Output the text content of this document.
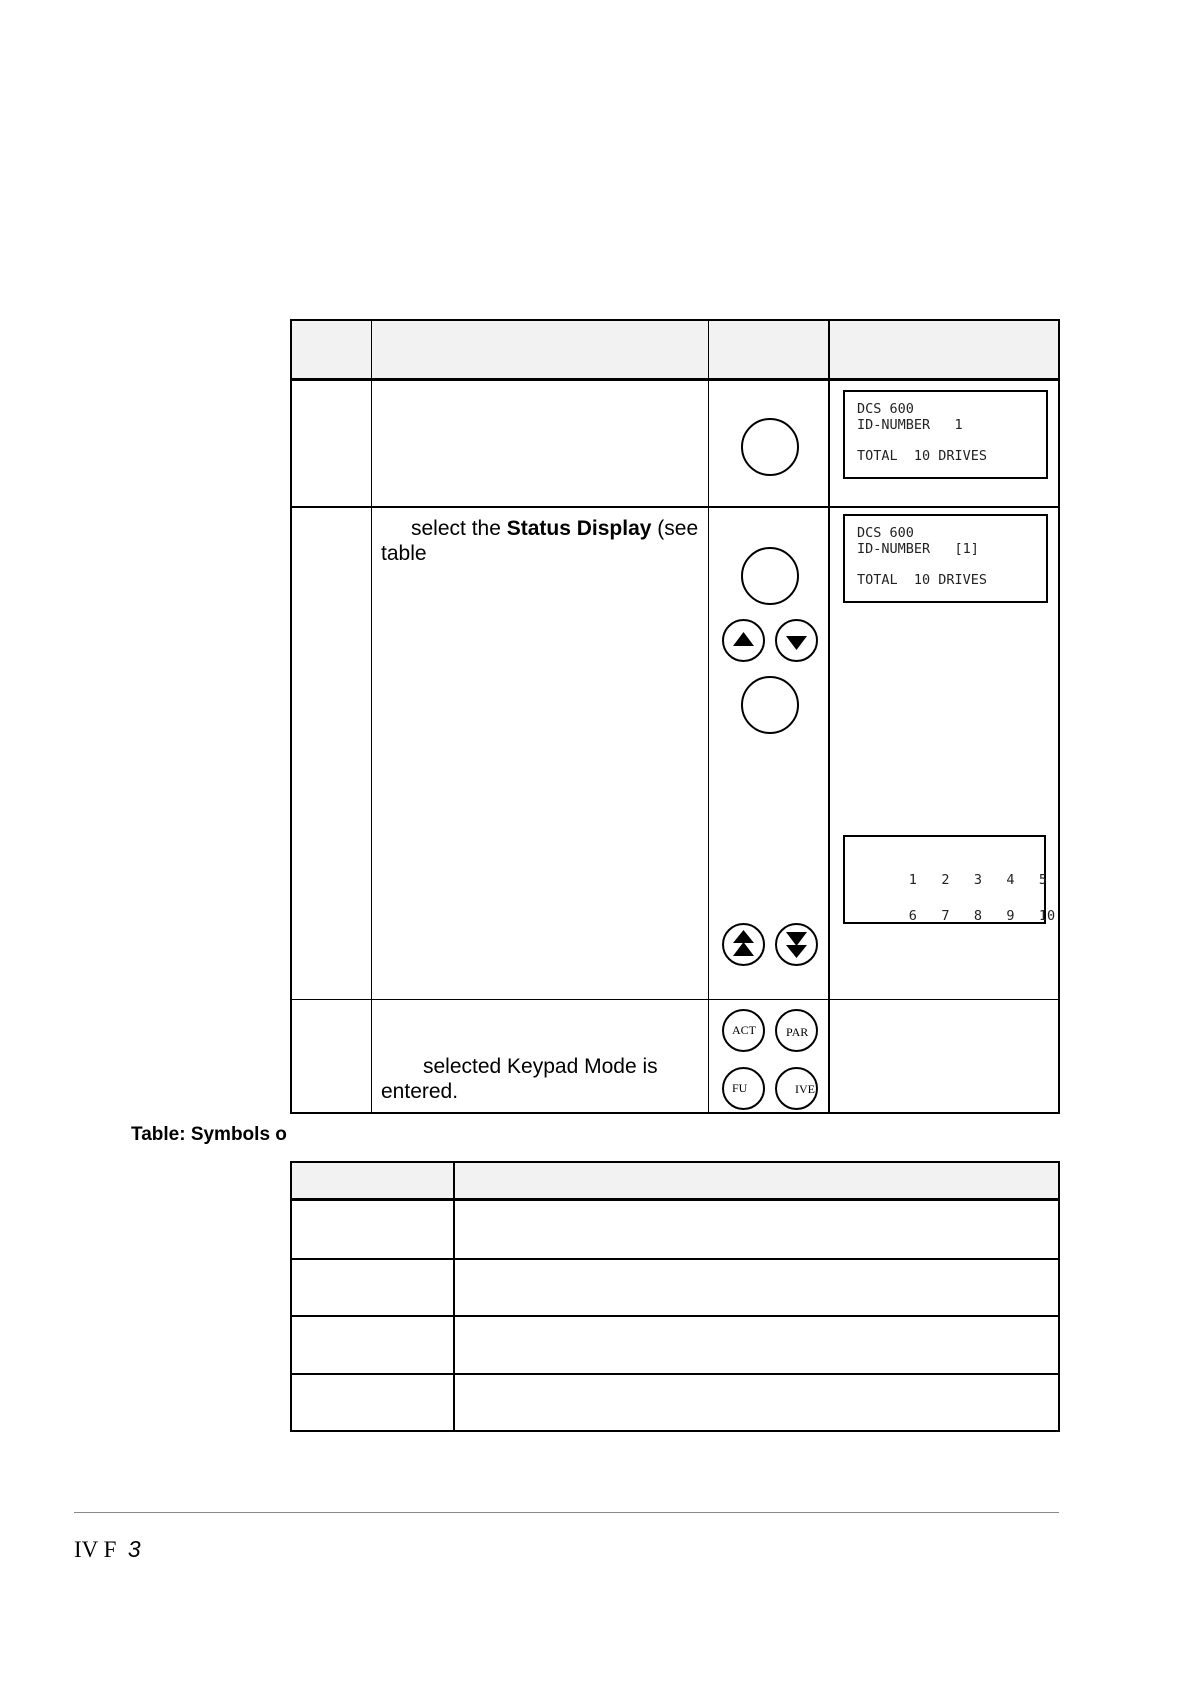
DCS 600
ID-NUMBER   1
TOTAL  10 DRIVES
select the Status Display (see
table
DCS 600
ID-NUMBER   [1]
TOTAL  10 DRIVES

1 2 3 4 5

6 7 8 9 10

ACT	PAR
FU	IVE
selected Keypad Mode is
entered.
Table: Symbols o
IV F 3
